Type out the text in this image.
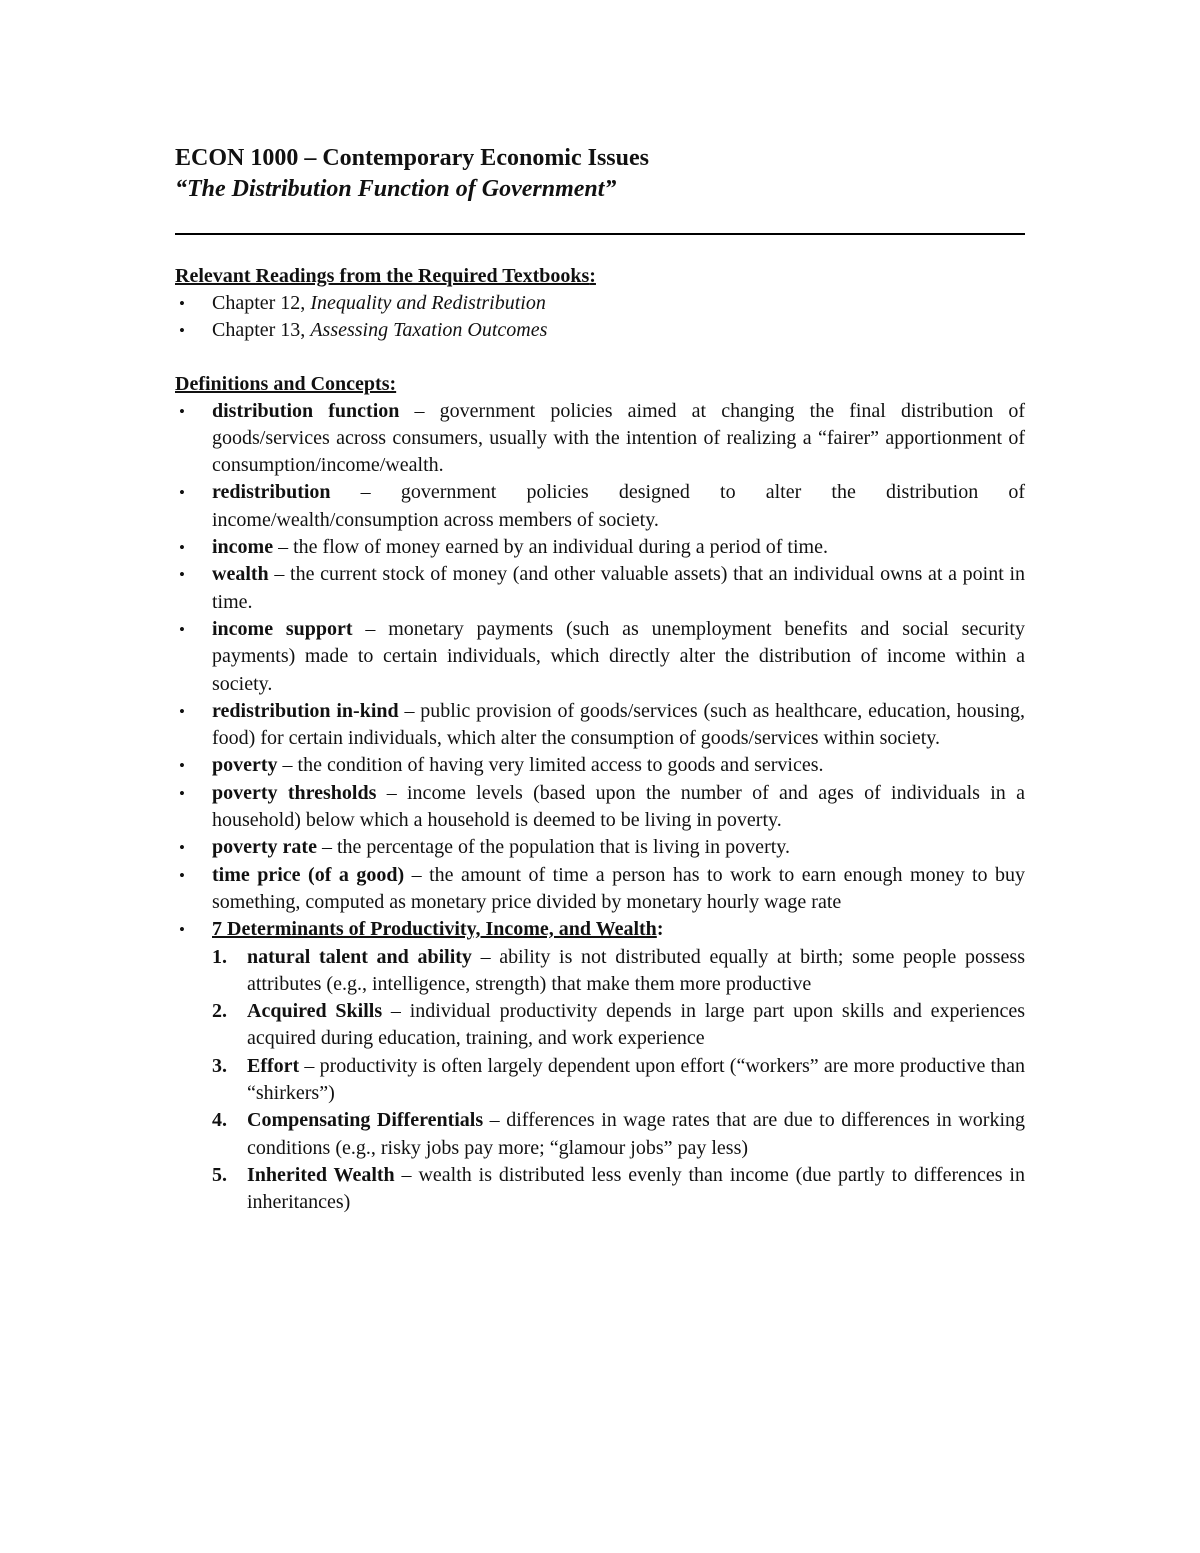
ECON 1000 – Contemporary Economic Issues
“The Distribution Function of Government”
Relevant Readings from the Required Textbooks:
• Chapter 12, Inequality and Redistribution
• Chapter 13, Assessing Taxation Outcomes
Definitions and Concepts:
• distribution function – government policies aimed at changing the final distribution of goods/services across consumers, usually with the intention of realizing a “fairer” apportionment of consumption/income/wealth.
• redistribution – government policies designed to alter the distribution of income/wealth/consumption across members of society.
• income – the flow of money earned by an individual during a period of time.
• wealth – the current stock of money (and other valuable assets) that an individual owns at a point in time.
• income support – monetary payments (such as unemployment benefits and social security payments) made to certain individuals, which directly alter the distribution of income within a society.
• redistribution in-kind – public provision of goods/services (such as healthcare, education, housing, food) for certain individuals, which alter the consumption of goods/services within society.
• poverty – the condition of having very limited access to goods and services.
• poverty thresholds – income levels (based upon the number of and ages of individuals in a household) below which a household is deemed to be living in poverty.
• poverty rate – the percentage of the population that is living in poverty.
• time price (of a good) – the amount of time a person has to work to earn enough money to buy something, computed as monetary price divided by monetary hourly wage rate
• 7 Determinants of Productivity, Income, and Wealth:
1. natural talent and ability – ability is not distributed equally at birth; some people possess attributes (e.g., intelligence, strength) that make them more productive
2. Acquired Skills – individual productivity depends in large part upon skills and experiences acquired during education, training, and work experience
3. Effort – productivity is often largely dependent upon effort (“workers” are more productive than “shirkers”)
4. Compensating Differentials – differences in wage rates that are due to differences in working conditions (e.g., risky jobs pay more; “glamour jobs” pay less)
5. Inherited Wealth – wealth is distributed less evenly than income (due partly to differences in inheritances)
